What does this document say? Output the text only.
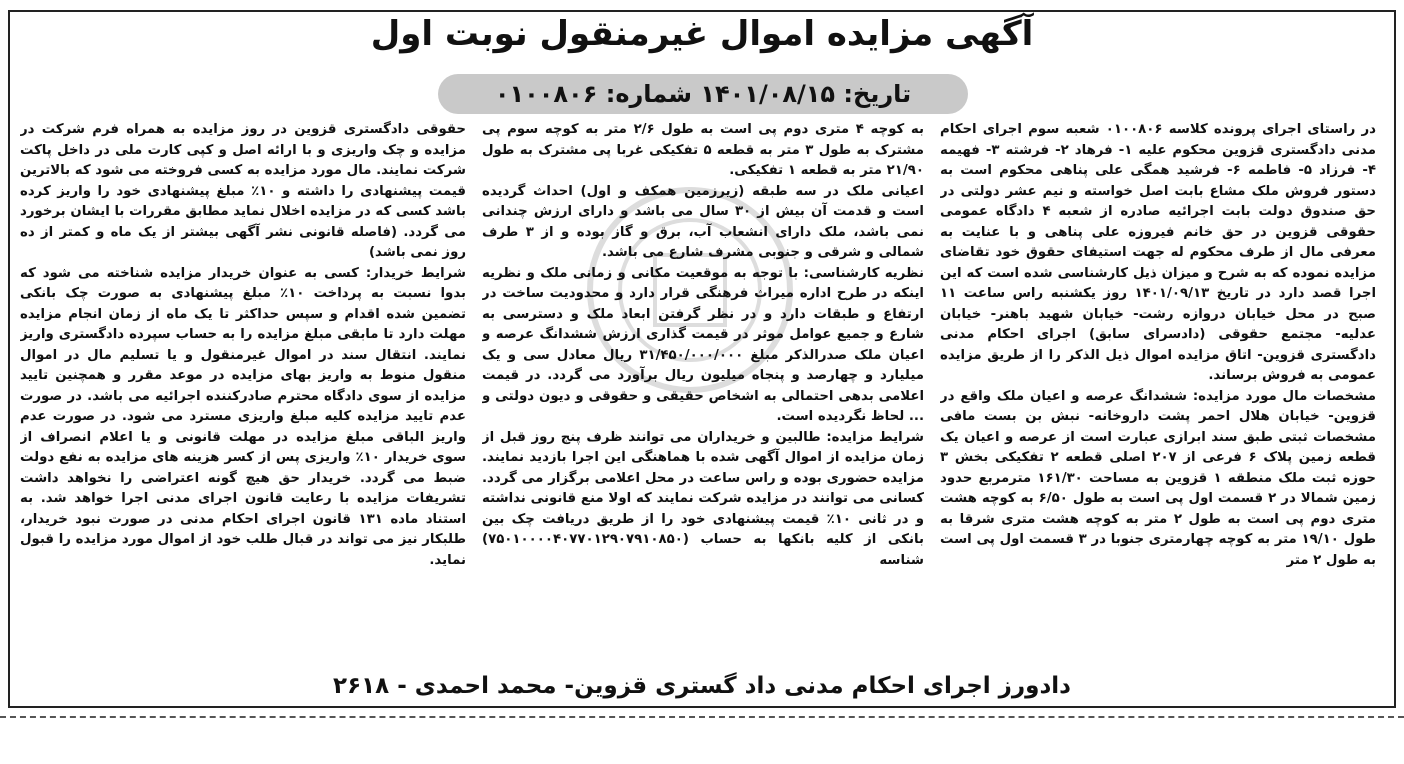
آگهی مزایده اموال غیرمنقول نوبت اول
تاریخ: ۱۴۰۱/۰۸/۱۵ شماره: ۰۱۰۰۸۰۶

در راستای اجرای پرونده کلاسه ۰۱۰۰۸۰۶ شعبه سوم اجرای احکام مدنی دادگستری قزوین محکوم علیه ۱- فرهاد ۲- فرشته ۳- فهیمه ۴- فرزاد ۵- فاطمه ۶- فرشید همگی علی پناهی محکوم است به دستور فروش ملک مشاع بابت اصل خواسته و نیم عشر دولتی در حق صندوق دولت بابت اجرائیه صادره از شعبه ۴ دادگاه عمومی حقوقی قزوین در حق خانم فیروزه علی پناهی و با عنایت به معرفی مال از طرف محکوم له جهت استیفای حقوق خود تقاضای مزایده نموده که به شرح و میزان ذیل کارشناسی شده است که این اجرا قصد دارد در تاریخ ۱۴۰۱/۰۹/۱۳ روز یکشنبه راس ساعت ۱۱ صبح در محل خیابان دروازه رشت- خیابان شهید باهنر- خیابان عدلیه- مجتمع حقوقی (دادسرای سابق) اجرای احکام مدنی دادگستری قزوین- اتاق مزایده اموال ذیل الذکر را از طریق مزایده عمومی به فروش برساند.

مشخصات مال مورد مزایده: ششدانگ عرصه و اعیان ملک واقع در قزوین- خیابان هلال احمر پشت داروخانه- نبش بن بست مافی مشخصات ثبتی طبق سند ابرازی عبارت است از عرصه و اعیان یک قطعه زمین پلاک ۶ فرعی از ۲۰۷ اصلی قطعه ۲ تفکیکی بخش ۳ حوزه ثبت ملک منطقه ۱ قزوین به مساحت ۱۶۱/۳۰ مترمربع حدود زمین شمالا در ۲ قسمت اول پی است به طول ۶/۵۰ به کوچه هشت متری دوم پی است به طول ۲ متر به کوچه هشت متری شرقا به طول ۱۹/۱۰ متر به کوچه چهارمتری جنوبا در ۳ قسمت اول پی است به طول ۲ متر

به کوچه ۴ متری دوم پی است به طول ۲/۶ متر به کوچه سوم پی مشترک به طول ۳ متر به قطعه ۵ تفکیکی غربا پی مشترک به طول ۲۱/۹۰ متر به قطعه ۱ تفکیکی.

اعیانی ملک در سه طبقه (زیرزمین همکف و اول) احداث گردیده است و قدمت آن بیش از ۳۰ سال می باشد و دارای ارزش چندانی نمی باشد، ملک دارای انشعاب آب، برق و گاز بوده و از ۳ طرف شمالی و شرقی و جنوبی مشرف شارع می باشد.

نظریه کارشناسی: با توجه به موقعیت مکانی و زمانی ملک و نظریه اینکه در طرح اداره میراث فرهنگی قرار دارد و محدودیت ساخت در ارتفاع و طبقات دارد و در نظر گرفتن ابعاد ملک و دسترسی به شارع و جمیع عوامل موثر در قیمت گذاری ارزش ششدانگ عرصه و اعیان ملک صدرالذکر مبلغ ۳۱/۴۵۰/۰۰۰/۰۰۰ ریال معادل سی و یک میلیارد و چهارصد و پنجاه میلیون ریال برآورد می گردد. در قیمت اعلامی بدهی احتمالی به اشخاص حقیقی و حقوقی و دیون دولتی و ... لحاظ نگردیده است.

شرایط مزایده: طالبین و خریداران می توانند ظرف پنج روز قبل از زمان مزایده از اموال آگهی شده با هماهنگی این اجرا بازدید نمایند. مزایده حضوری بوده و راس ساعت در محل اعلامی برگزار می گردد. کسانی می توانند در مزایده شرکت نمایند که اولا منع قانونی نداشته و در ثانی ۱۰٪ قیمت پیشنهادی خود را از طریق دریافت چک بین بانکی از کلیه بانکها به حساب (۷۵۰۱۰۰۰۰۴۰۷۷۰۱۲۹۰۷۹۱۰۸۵۰) شناسه

حقوقی دادگستری قزوین در روز مزایده به همراه فرم شرکت در مزایده و چک واریزی و با ارائه اصل و کپی کارت ملی در داخل پاکت شرکت نمایند. مال مورد مزایده به کسی فروخته می شود که بالاترین قیمت پیشنهادی را داشته و ۱۰٪ مبلغ پیشنهادی خود را واریز کرده باشد کسی که در مزایده اخلال نماید مطابق مقررات با ایشان برخورد می گردد. (فاصله قانونی نشر آگهی بیشتر از یک ماه و کمتر از ده روز نمی باشد)

شرایط خریدار: کسی به عنوان خریدار مزایده شناخته می شود که بدوا نسبت به پرداخت ۱۰٪ مبلغ پیشنهادی به صورت چک بانکی تضمین شده اقدام و سپس حداکثر تا یک ماه از زمان انجام مزایده مهلت دارد تا مابقی مبلغ مزایده را به حساب سپرده دادگستری واریز نمایند. انتقال سند در اموال غیرمنقول و یا تسلیم مال در اموال منقول منوط به واریز بهای مزایده در موعد مقرر و همچنین تایید مزایده از سوی دادگاه محترم صادرکننده اجرائیه می باشد. در صورت عدم تایید مزایده کلیه مبلغ واریزی مسترد می شود. در صورت عدم واریز الباقی مبلغ مزایده در مهلت قانونی و یا اعلام انصراف از سوی خریدار ۱۰٪ واریزی پس از کسر هزینه های مزایده به نفع دولت ضبط می گردد. خریدار حق هیچ گونه اعتراضی را نخواهد داشت تشریفات مزایده با رعایت قانون اجرای مدنی اجرا خواهد شد. به استناد ماده ۱۳۱ قانون اجرای احکام مدنی در صورت نبود خریدار، طلبکار نیز می تواند در قبال طلب خود از اموال مورد مزایده را قبول نماید.

دادورز اجرای احکام مدنی داد گستری قزوین- محمد احمدی - ۲۶۱۸
